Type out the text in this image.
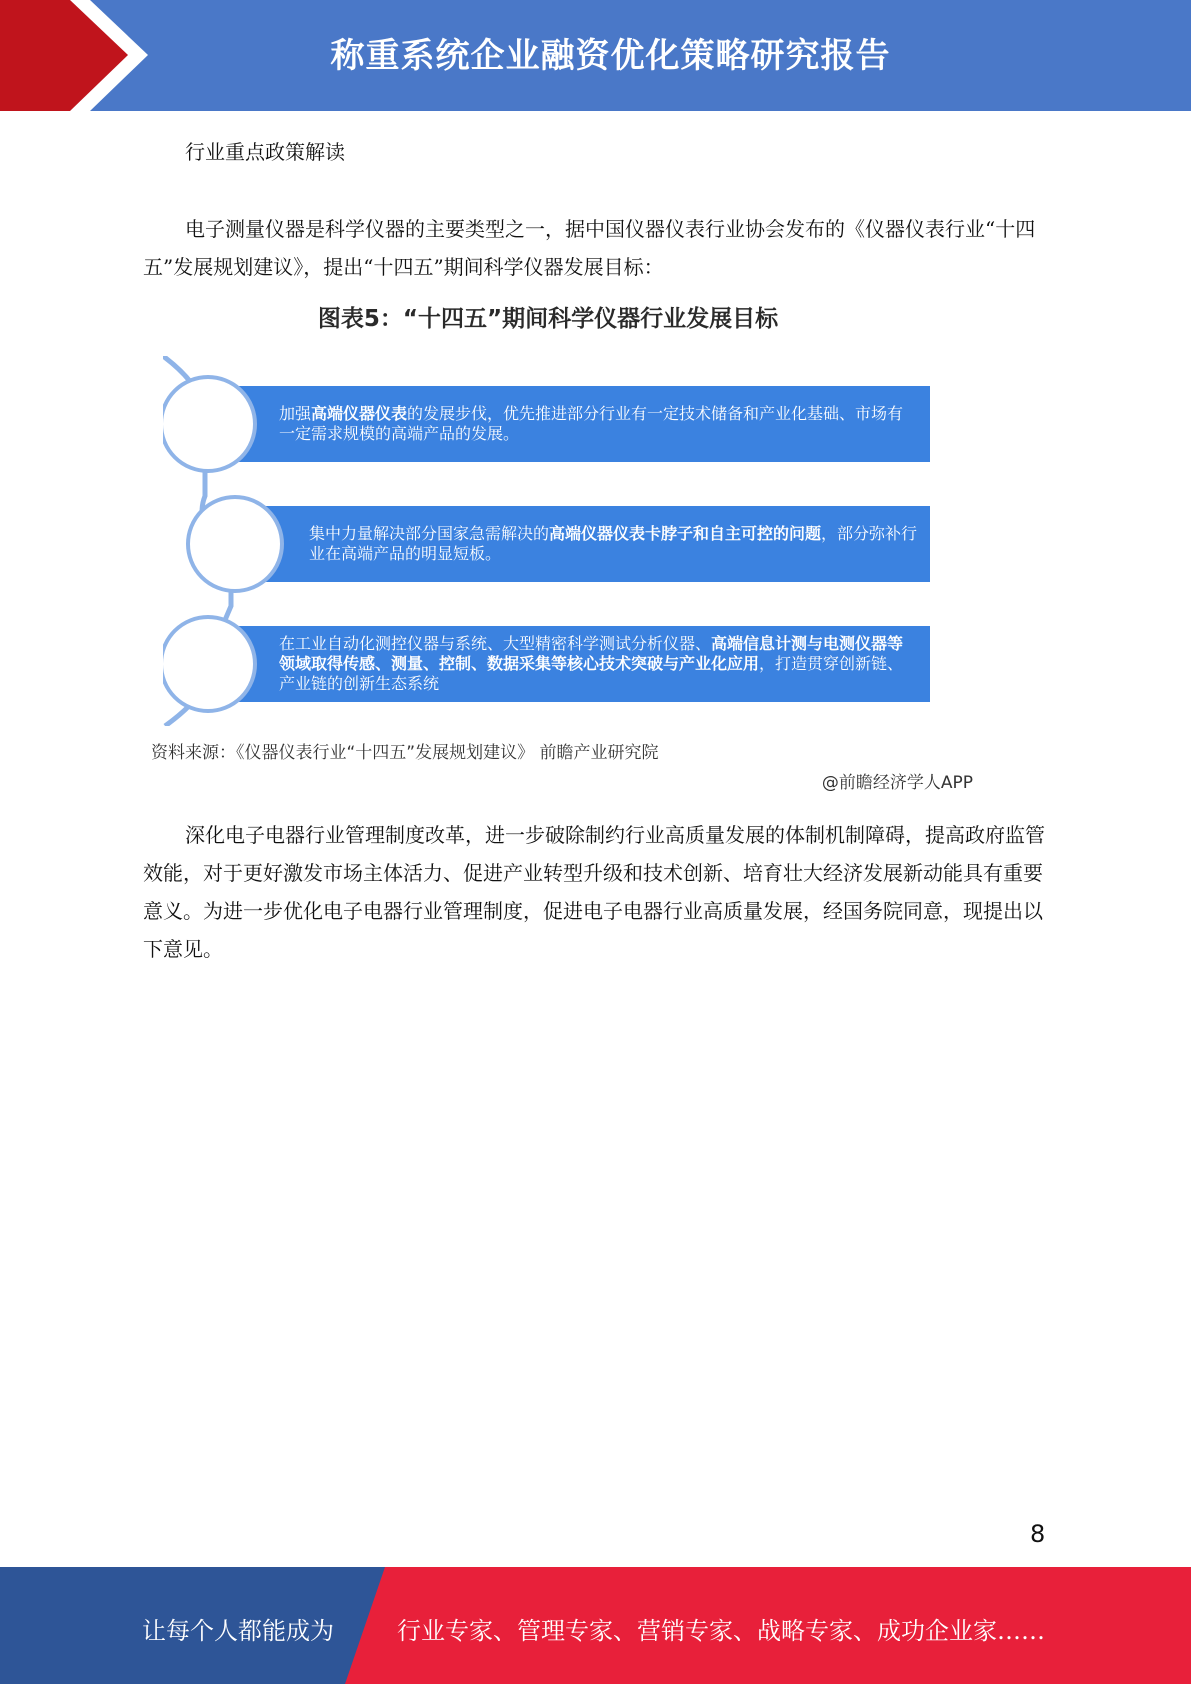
称重系统企业融资优化策略研究报告

行业重点政策解读

电子测量仪器是科学仪器的主要类型之一，据中国仪器仪表行业协会发布的《仪器仪表行业“十四五”发展规划建议》，提出“十四五”期间科学仪器发展目标：

图表5：“十四五”期间科学仪器行业发展目标
加强高端仪器仪表的发展步伐，优先推进部分行业有一定技术储备和产业化基础、市场有一定需求规模的高端产品的发展。
集中力量解决部分国家急需解决的高端仪器仪表卡脖子和自主可控的问题，部分弥补行业在高端产品的明显短板。
在工业自动化测控仪器与系统、大型精密科学测试分析仪器、高端信息计测与电测仪器等领域取得传感、测量、控制、数据采集等核心技术突破与产业化应用，打造贯穿创新链、产业链的创新生态系统
资料来源：《仪器仪表行业“十四五”发展规划建议》 前瞻产业研究院
@前瞻经济学人APP

深化电子电器行业管理制度改革，进一步破除制约行业高质量发展的体制机制障碍，提高政府监管效能，对于更好激发市场主体活力、促进产业转型升级和技术创新、培育壮大经济发展新动能具有重要意义。为进一步优化电子电器行业管理制度，促进电子电器行业高质量发展，经国务院同意，现提出以下意见。

8
让每个人都能成为	行业专家、管理专家、营销专家、战略专家、成功企业家……
